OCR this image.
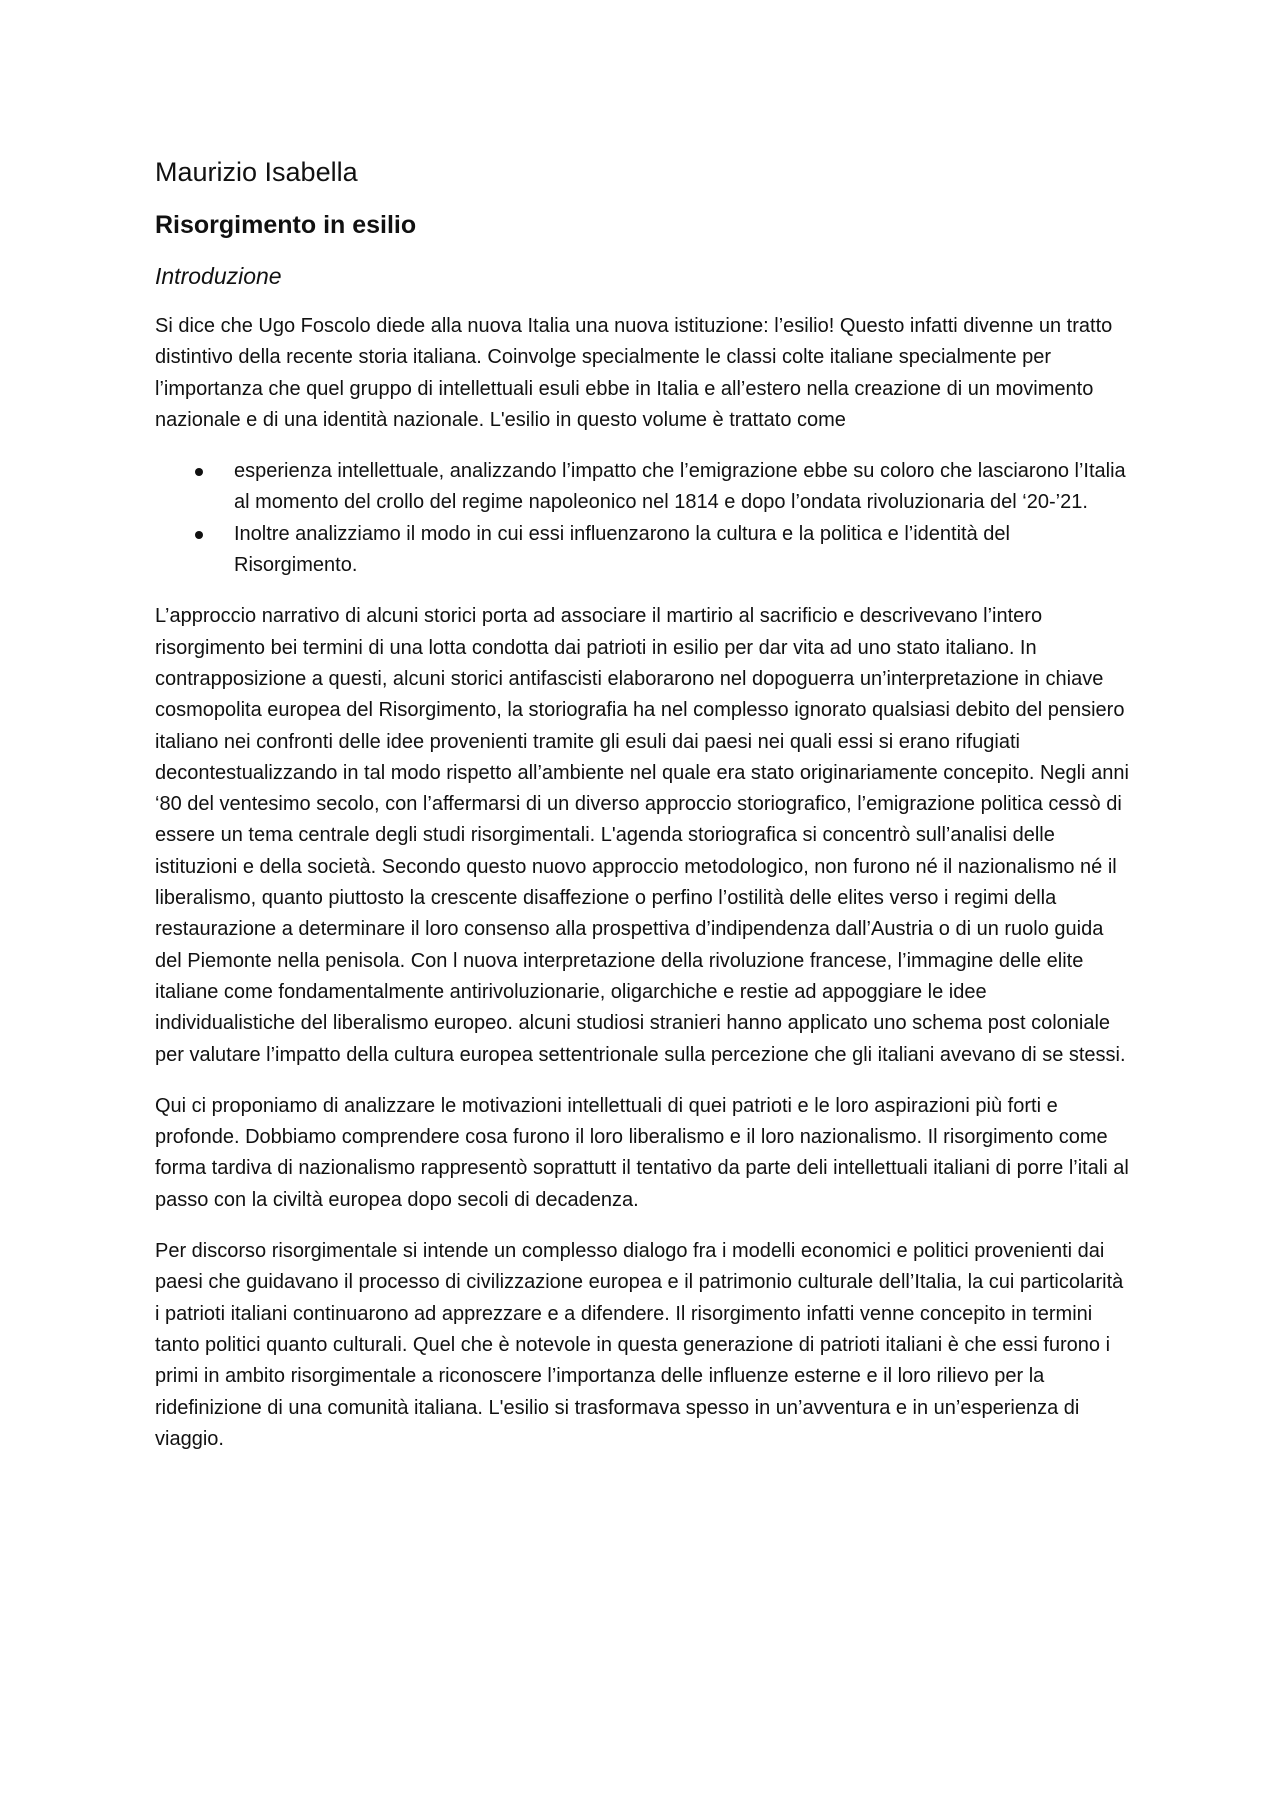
Maurizio Isabella
Risorgimento in esilio
Introduzione

Si dice che Ugo Foscolo diede alla nuova Italia una nuova istituzione: l’esilio! Questo infatti divenne un tratto distintivo della recente storia italiana. Coinvolge specialmente le classi colte italiane specialmente per l’importanza che quel gruppo di intellettuali esuli ebbe in Italia e all’estero nella creazione di un movimento nazionale e di una identità nazionale. L'esilio in questo volume è trattato come

esperienza intellettuale, analizzando l’impatto che l’emigrazione ebbe su coloro che lasciarono l’Italia al momento del crollo del regime napoleonico nel 1814 e dopo l’ondata rivoluzionaria del ‘20-’21.
Inoltre analizziamo il modo in cui essi influenzarono la cultura e la politica e l’identità del Risorgimento.

L’approccio narrativo di alcuni storici porta ad associare il martirio al sacrificio e descrivevano l’intero risorgimento bei termini di una lotta condotta dai patrioti in esilio per dar vita ad uno stato italiano. In contrapposizione a questi, alcuni storici antifascisti elaborarono nel dopoguerra un’interpretazione in chiave cosmopolita europea del Risorgimento, la storiografia ha nel complesso ignorato qualsiasi debito del pensiero italiano nei confronti delle idee provenienti tramite gli esuli dai paesi nei quali essi si erano rifugiati decontestualizzando in tal modo rispetto all’ambiente nel quale era stato originariamente concepito. Negli anni ‘80 del ventesimo secolo, con l’affermarsi di un diverso approccio storiografico, l’emigrazione politica cessò di essere un tema centrale degli studi risorgimentali. L'agenda storiografica si concentrò sull’analisi delle istituzioni e della società. Secondo questo nuovo approccio metodologico, non furono né il nazionalismo né il liberalismo, quanto piuttosto la crescente disaffezione o perfino l’ostilità delle elites verso i regimi della restaurazione a determinare il loro consenso alla prospettiva d’indipendenza dall’Austria o di un ruolo guida del Piemonte nella penisola. Con l nuova interpretazione della rivoluzione francese, l’immagine delle elite italiane come fondamentalmente antirivoluzionarie, oligarchiche e restie ad appoggiare le idee individualistiche del liberalismo europeo. alcuni studiosi stranieri hanno applicato uno schema post coloniale per valutare l’impatto della cultura europea settentrionale sulla percezione che gli italiani avevano di se stessi.

Qui ci proponiamo di analizzare le motivazioni intellettuali di quei patrioti e le loro aspirazioni più forti e profonde. Dobbiamo comprendere cosa furono il loro liberalismo e il loro nazionalismo. Il risorgimento come forma tardiva di nazionalismo rappresentò soprattutt il tentativo da parte deli intellettuali italiani di porre l’itali al passo con la civiltà europea dopo secoli di decadenza.

Per discorso risorgimentale si intende un complesso dialogo fra i modelli economici e politici provenienti dai paesi che guidavano il processo di civilizzazione europea e il patrimonio culturale dell’Italia, la cui particolarità i patrioti italiani continuarono ad apprezzare e a difendere. Il risorgimento infatti venne concepito in termini tanto politici quanto culturali. Quel che è notevole in questa generazione di patrioti italiani è che essi furono i primi in ambito risorgimentale a riconoscere l’importanza delle influenze esterne e il loro rilievo per la ridefinizione di una comunità italiana. L'esilio si trasformava spesso in un’avventura e in un’esperienza di viaggio.
